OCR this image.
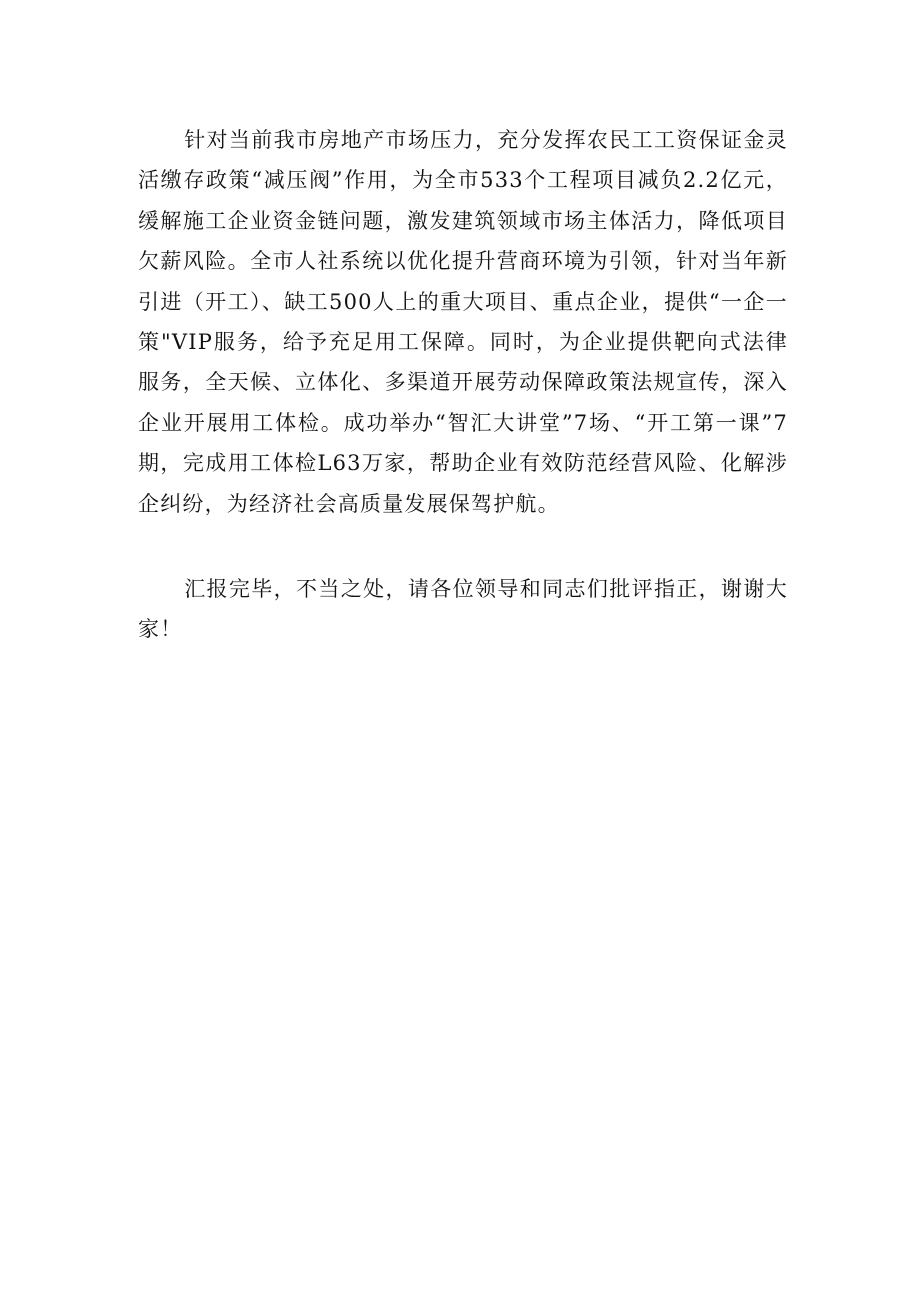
针对当前我市房地产市场压力，充分发挥农民工工资保证金灵活缴存政策“减压阀”作用，为全市533个工程项目减负2.2亿元，缓解施工企业资金链问题，激发建筑领域市场主体活力，降低项目欠薪风险。全市人社系统以优化提升营商环境为引领，针对当年新引进（开工）、缺工500人上的重大项目、重点企业，提供“一企一策"VIP服务，给予充足用工保障。同时，为企业提供靶向式法律服务，全天候、立体化、多渠道开展劳动保障政策法规宣传，深入企业开展用工体检。成功举办“智汇大讲堂”7场、“开工第一课”7期，完成用工体检L63万家，帮助企业有效防范经营风险、化解涉企纠纷，为经济社会高质量发展保驾护航。

汇报完毕，不当之处，请各位领导和同志们批评指正，谢谢大家！
